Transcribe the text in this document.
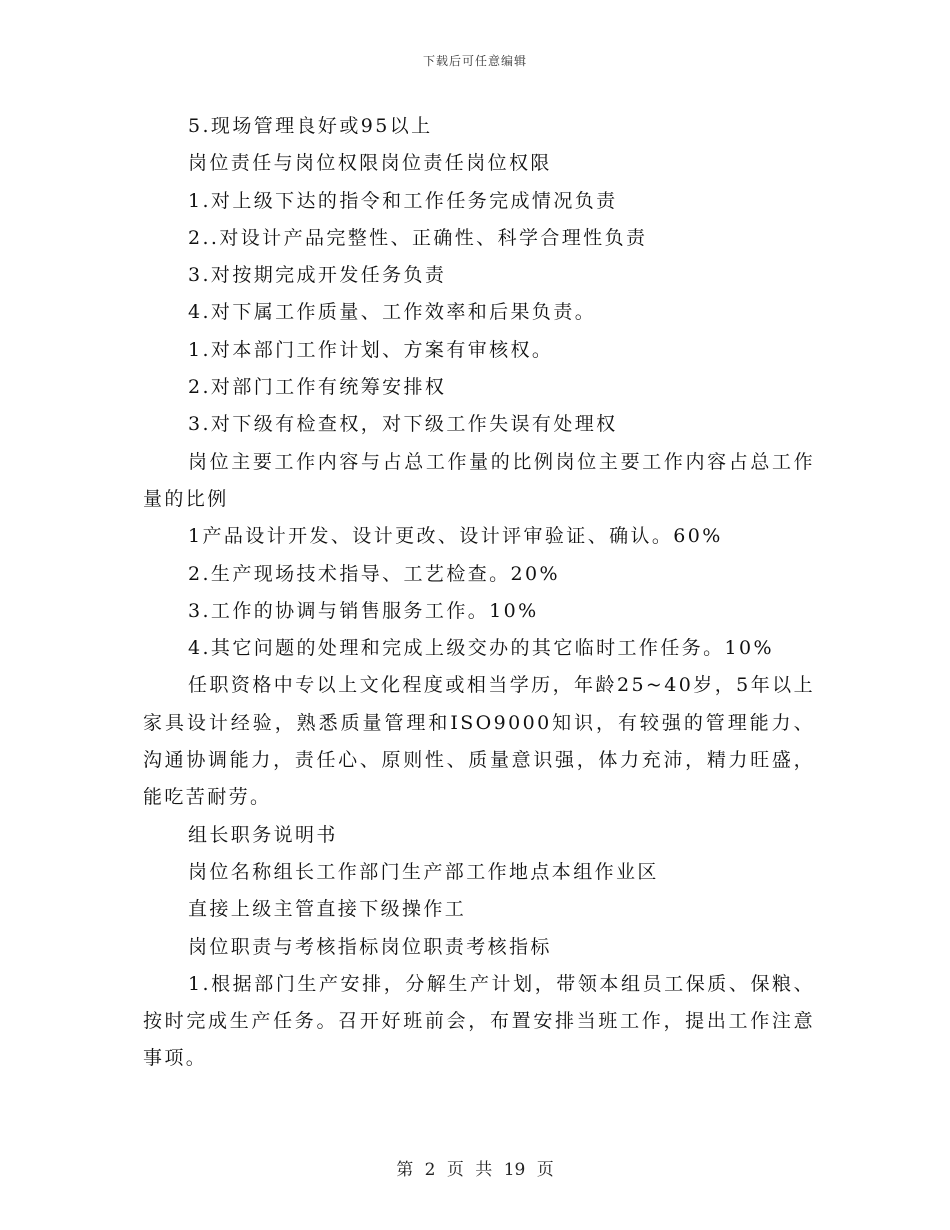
下载后可任意编辑

5.现场管理良好或95以上

岗位责任与岗位权限岗位责任岗位权限

1.对上级下达的指令和工作任务完成情况负责

2..对设计产品完整性、正确性、科学合理性负责

3.对按期完成开发任务负责

4.对下属工作质量、工作效率和后果负责。

1.对本部门工作计划、方案有审核权。

2.对部门工作有统筹安排权

3.对下级有检查权，对下级工作失误有处理权

岗位主要工作内容与占总工作量的比例岗位主要工作内容占总工作量的比例

1产品设计开发、设计更改、设计评审验证、确认。60%

2.生产现场技术指导、工艺检查。20%

3.工作的协调与销售服务工作。10%

4.其它问题的处理和完成上级交办的其它临时工作任务。10%

任职资格中专以上文化程度或相当学历，年龄25~40岁，5年以上家具设计经验，熟悉质量管理和ISO9000知识，有较强的管理能力、沟通协调能力，责任心、原则性、质量意识强，体力充沛，精力旺盛，能吃苦耐劳。

组长职务说明书

岗位名称组长工作部门生产部工作地点本组作业区

直接上级主管直接下级操作工

岗位职责与考核指标岗位职责考核指标

1.根据部门生产安排，分解生产计划，带领本组员工保质、保粮、按时完成生产任务。召开好班前会，布置安排当班工作，提出工作注意事项。

第 2 页 共 19 页
